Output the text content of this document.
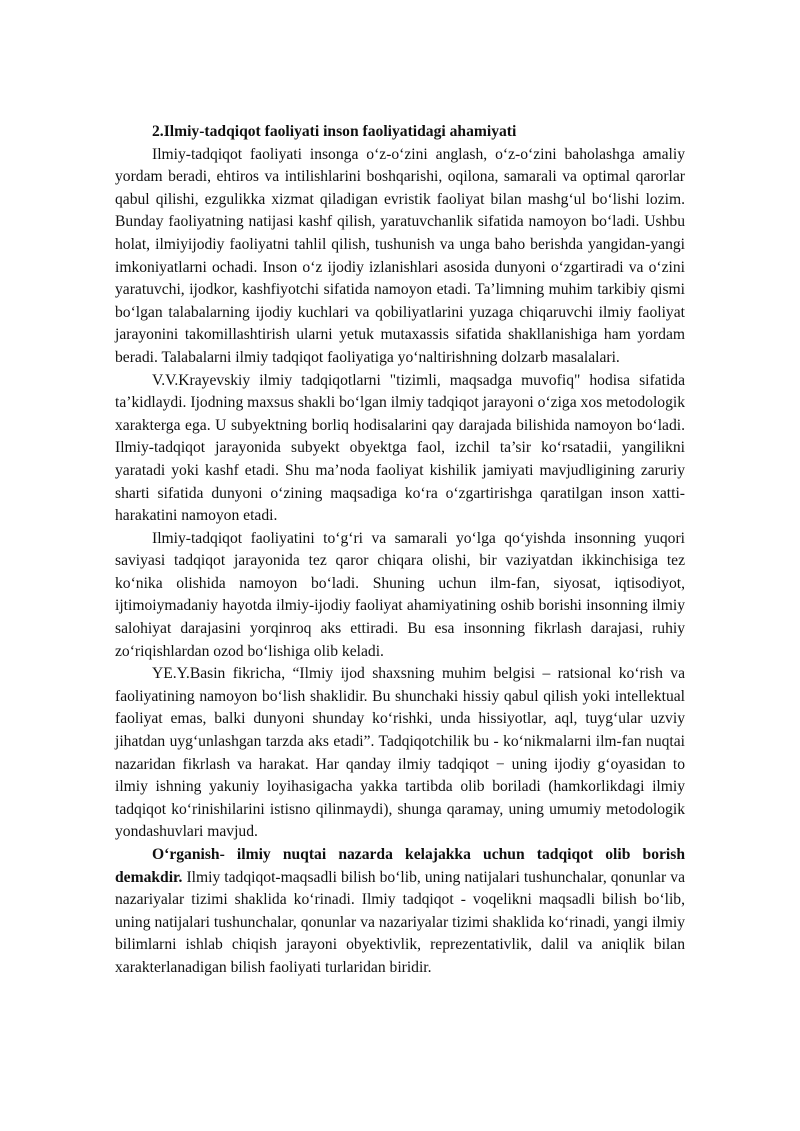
2.Ilmiy-tadqiqot faoliyati inson faoliyatidagi ahamiyati

Ilmiy-tadqiqot faoliyati insonga o‘z-o‘zini anglash, o‘z-o‘zini baholashga amaliy yordam beradi, ehtiros va intilishlarini boshqarishi, oqilona, samarali va optimal qarorlar qabul qilishi, ezgulikka xizmat qiladigan evristik faoliyat bilan mashg‘ul bo‘lishi lozim. Bunday faoliyatning natijasi kashf qilish, yaratuvchanlik sifatida namoyon bo‘ladi. Ushbu holat, ilmiyijodiy faoliyatni tahlil qilish, tushunish va unga baho berishda yangidan-yangi imkoniyatlarni ochadi. Inson o‘z ijodiy izlanishlari asosida dunyoni o‘zgartiradi va o‘zini yaratuvchi, ijodkor, kashfiyotchi sifatida namoyon etadi. Ta’limning muhim tarkibiy qismi bo‘lgan talabalarning ijodiy kuchlari va qobiliyatlarini yuzaga chiqaruvchi ilmiy faoliyat jarayonini takomillashtirish ularni yetuk mutaxassis sifatida shakllanishiga ham yordam beradi. Talabalarni ilmiy tadqiqot faoliyatiga yo‘naltirishning dolzarb masalalari.

V.V.Krayevskiy ilmiy tadqiqotlarni "tizimli, maqsadga muvofiq" hodisa sifatida ta’kidlaydi. Ijodning maxsus shakli bo‘lgan ilmiy tadqiqot jarayoni o‘ziga xos metodologik xarakterga ega. U subyektning borliq hodisalarini qay darajada bilishida namoyon bo‘ladi. Ilmiy-tadqiqot jarayonida subyekt obyektga faol, izchil ta’sir ko‘rsatadii, yangilikni yaratadi yoki kashf etadi. Shu ma’noda faoliyat kishilik jamiyati mavjudligining zaruriy sharti sifatida dunyoni o‘zining maqsadiga ko‘ra o‘zgartirishga qaratilgan inson xatti-harakatini namoyon etadi.

Ilmiy-tadqiqot faoliyatini to‘g‘ri va samarali yo‘lga qo‘yishda insonning yuqori saviyasi tadqiqot jarayonida tez qaror chiqara olishi, bir vaziyatdan ikkinchisiga tez ko‘nika olishida namoyon bo‘ladi. Shuning uchun ilm-fan, siyosat, iqtisodiyot, ijtimoiymadaniy hayotda ilmiy-ijodiy faoliyat ahamiyatining oshib borishi insonning ilmiy salohiyat darajasini yorqinroq aks ettiradi. Bu esa insonning fikrlash darajasi, ruhiy zo‘riqishlardan ozod bo‘lishiga olib keladi.

YE.Y.Basin fikricha, “Ilmiy ijod shaxsning muhim belgisi – ratsional ko‘rish va faoliyatining namoyon bo‘lish shaklidir. Bu shunchaki hissiy qabul qilish yoki intellektual faoliyat emas, balki dunyoni shunday ko‘rishki, unda hissiyotlar, aql, tuyg‘ular uzviy jihatdan uyg‘unlashgan tarzda aks etadi”. Tadqiqotchilik bu - ko‘nikmalarni ilm-fan nuqtai nazaridan fikrlash va harakat. Har qanday ilmiy tadqiqot − uning ijodiy g‘oyasidan to ilmiy ishning yakuniy loyihasigacha yakka tartibda olib boriladi (hamkorlikdagi ilmiy tadqiqot ko‘rinishilarini istisno qilinmaydi), shunga qaramay, uning umumiy metodologik yondashuvlari mavjud.

O‘rganish- ilmiy nuqtai nazarda kelajakka uchun tadqiqot olib borish demakdir. Ilmiy tadqiqot-maqsadli bilish bo‘lib, uning natijalari tushunchalar, qonunlar va nazariyalar tizimi shaklida ko‘rinadi. Ilmiy tadqiqot - voqelikni maqsadli bilish bo‘lib, uning natijalari tushunchalar, qonunlar va nazariyalar tizimi shaklida ko‘rinadi, yangi ilmiy bilimlarni ishlab chiqish jarayoni obyektivlik, reprezentativlik, dalil va aniqlik bilan xarakterlanadigan bilish faoliyati turlaridan biridir.
